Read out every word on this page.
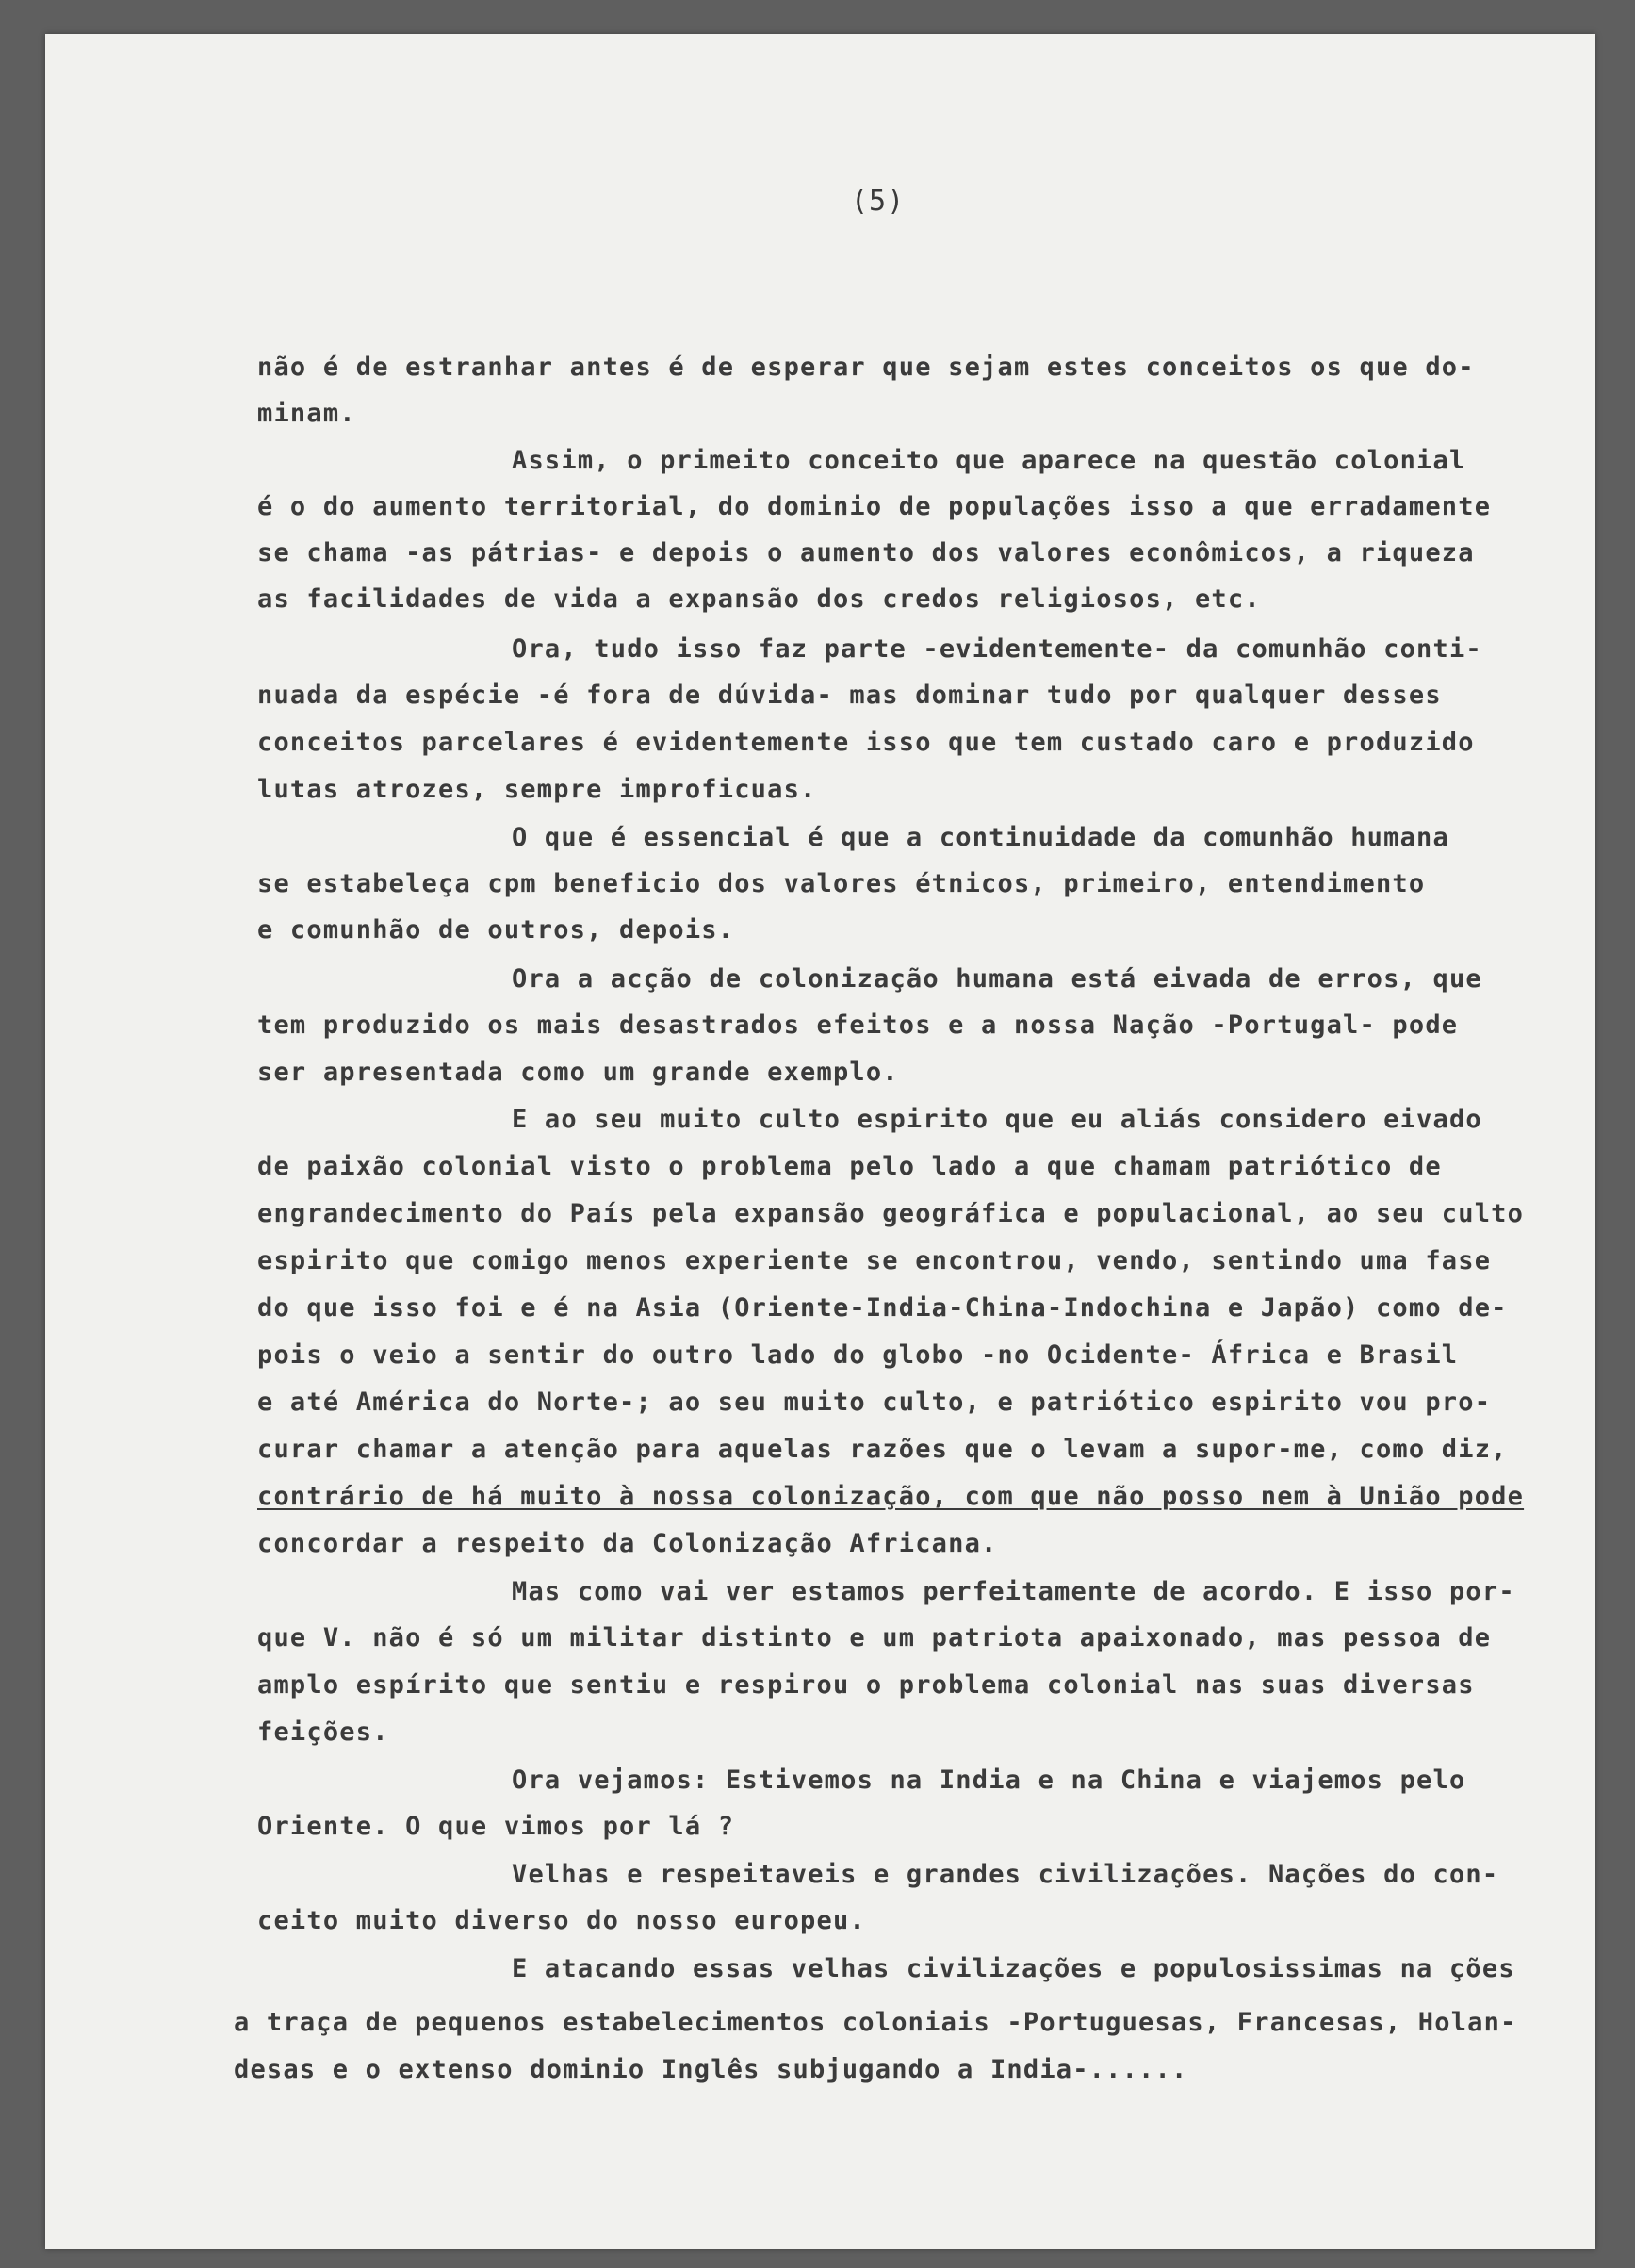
(5)
não é de estranhar antes é de esperar que sejam estes conceitos os que do-
minam.
Assim, o primeito conceito que aparece na questão colonial
é o do aumento territorial, do dominio de populações isso a que erradamente
se chama -as pátrias- e depois o aumento dos valores econômicos, a riqueza
as facilidades de vida a expansão dos credos religiosos, etc.
Ora, tudo isso faz parte -evidentemente- da comunhão conti-
nuada da espécie -é fora de dúvida- mas dominar tudo por qualquer desses
conceitos parcelares é evidentemente isso que tem custado caro e produzido
lutas atrozes, sempre improficuas.
O que é essencial é que a continuidade da comunhão humana
se estabeleça cpm beneficio dos valores étnicos, primeiro, entendimento
e comunhão de outros, depois.
Ora a acção de colonização humana está eivada de erros, que
tem produzido os mais desastrados efeitos e a nossa Nação -Portugal- pode
ser apresentada como um grande exemplo.
E ao seu muito culto espirito que eu aliás considero eivado
de paixão colonial visto o problema pelo lado a que chamam patriótico de
engrandecimento do País pela expansão geográfica e populacional, ao seu culto
espirito que comigo menos experiente se encontrou, vendo, sentindo uma fase
do que isso foi e é na Asia (Oriente-India-China-Indochina e Japão) como de-
pois o veio a sentir do outro lado do globo -no Ocidente- África e Brasil
e até América do Norte-; ao seu muito culto, e patriótico espirito vou pro-
curar chamar a atenção para aquelas razões que o levam a supor-me, como diz,
contrário de há muito à nossa colonização, com que não posso nem à União pode
concordar a respeito da Colonização Africana.
Mas como vai ver estamos perfeitamente de acordo. E isso por-
que V. não é só um militar distinto e um patriota apaixonado, mas pessoa de
amplo espírito que sentiu e respirou o problema colonial nas suas diversas
feições.
Ora vejamos: Estivemos na India e na China e viajemos pelo
Oriente. O que vimos por lá ?
Velhas e respeitaveis e grandes civilizações. Nações do con-
ceito muito diverso do nosso europeu.
E atacando essas velhas civilizações e populosissimas na ções
a traça de pequenos estabelecimentos coloniais -Portuguesas, Francesas, Holan-
desas e o extenso dominio Inglês subjugando a India-......
